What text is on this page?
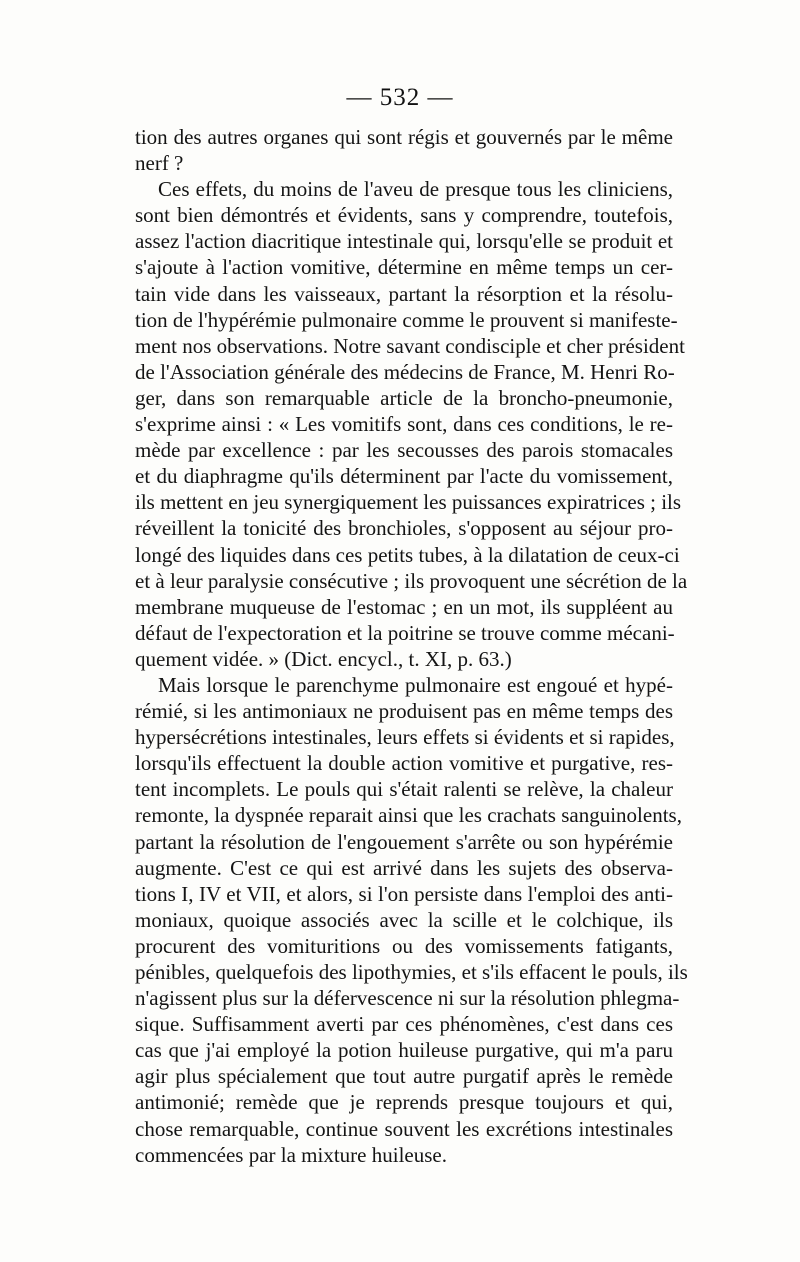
— 532 —
tion des autres organes qui sont régis et gouvernés par le même
nerf ?
Ces effets, du moins de l'aveu de presque tous les cliniciens,
sont bien démontrés et évidents, sans y comprendre, toutefois,
assez l'action diacritique intestinale qui, lorsqu'elle se produit et
s'ajoute à l'action vomitive, détermine en même temps un cer-
tain vide dans les vaisseaux, partant la résorption et la résolu-
tion de l'hypérémie pulmonaire comme le prouvent si manifeste-
ment nos observations. Notre savant condisciple et cher président
de l'Association générale des médecins de France, M. Henri Ro-
ger, dans son remarquable article de la broncho-pneumonie,
s'exprime ainsi : « Les vomitifs sont, dans ces conditions, le re-
mède par excellence : par les secousses des parois stomacales
et du diaphragme qu'ils déterminent par l'acte du vomissement,
ils mettent en jeu synergiquement les puissances expiratrices ; ils
réveillent la tonicité des bronchioles, s'opposent au séjour pro-
longé des liquides dans ces petits tubes, à la dilatation de ceux-ci
et à leur paralysie consécutive ; ils provoquent une sécrétion de la
membrane muqueuse de l'estomac ; en un mot, ils suppléent au
défaut de l'expectoration et la poitrine se trouve comme mécani-
quement vidée. » (Dict. encycl., t. XI, p. 63.)
Mais lorsque le parenchyme pulmonaire est engoué et hypé-
rémié, si les antimoniaux ne produisent pas en même temps des
hypersécrétions intestinales, leurs effets si évidents et si rapides,
lorsqu'ils effectuent la double action vomitive et purgative, res-
tent incomplets. Le pouls qui s'était ralenti se relève, la chaleur
remonte, la dyspnée reparait ainsi que les crachats sanguinolents,
partant la résolution de l'engouement s'arrête ou son hypérémie
augmente. C'est ce qui est arrivé dans les sujets des observa-
tions I, IV et VII, et alors, si l'on persiste dans l'emploi des anti-
moniaux, quoique associés avec la scille et le colchique, ils
procurent des vomituritions ou des vomissements fatigants,
pénibles, quelquefois des lipothymies, et s'ils effacent le pouls, ils
n'agissent plus sur la défervescence ni sur la résolution phlegma-
sique. Suffisamment averti par ces phénomènes, c'est dans ces
cas que j'ai employé la potion huileuse purgative, qui m'a paru
agir plus spécialement que tout autre purgatif après le remède
antimonié; remède que je reprends presque toujours et qui,
chose remarquable, continue souvent les excrétions intestinales
commencées par la mixture huileuse.
